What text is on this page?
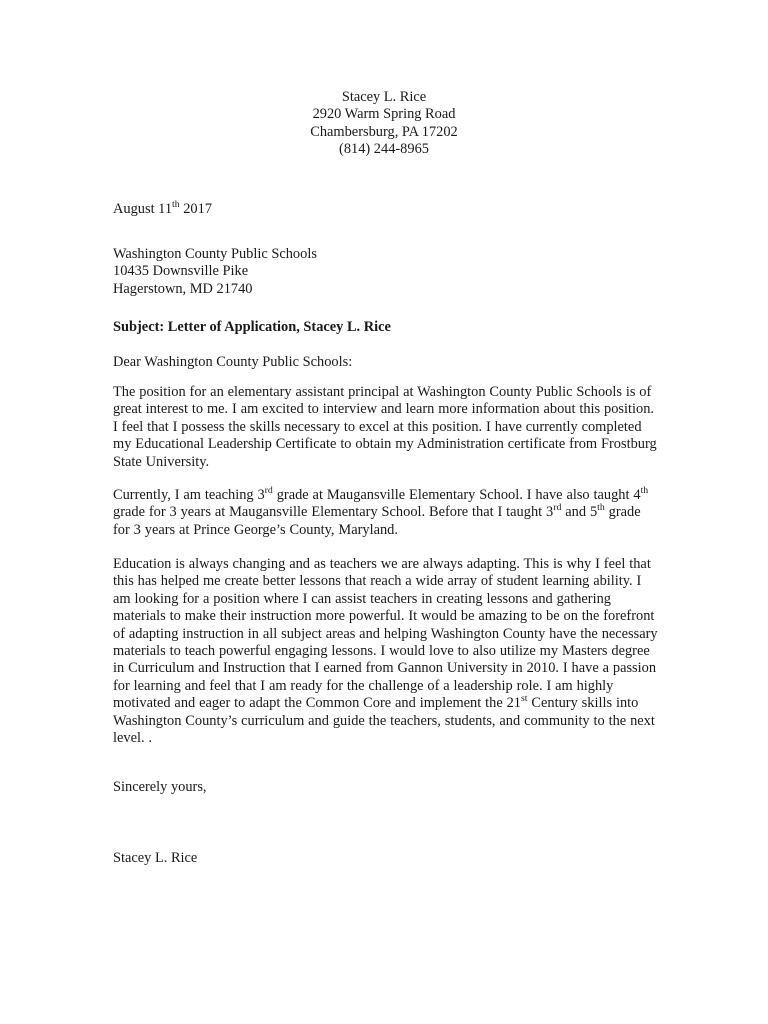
Stacey L. Rice
2920 Warm Spring Road
Chambersburg, PA 17202
(814) 244-8965
August 11th 2017
Washington County Public Schools
10435 Downsville Pike
Hagerstown, MD 21740
Subject: Letter of Application, Stacey L. Rice
Dear Washington County Public Schools:

The position for an elementary assistant principal at Washington County Public Schools is of great interest to me. I am excited to interview and learn more information about this position. I feel that I possess the skills necessary to excel at this position. I have currently completed my Educational Leadership Certificate to obtain my Administration certificate from Frostburg State University.

Currently, I am teaching 3rd grade at Maugansville Elementary School. I have also taught 4th grade for 3 years at Maugansville Elementary School. Before that I taught 3rd and 5th grade for 3 years at Prince George’s County, Maryland.

Education is always changing and as teachers we are always adapting. This is why I feel that this has helped me create better lessons that reach a wide array of student learning ability. I am looking for a position where I can assist teachers in creating lessons and gathering materials to make their instruction more powerful. It would be amazing to be on the forefront of adapting instruction in all subject areas and helping Washington County have the necessary materials to teach powerful engaging lessons. I would love to also utilize my Masters degree in Curriculum and Instruction that I earned from Gannon University in 2010. I have a passion for learning and feel that I am ready for the challenge of a leadership role. I am highly motivated and eager to adapt the Common Core and implement the 21st Century skills into Washington County’s curriculum and guide the teachers, students, and community to the next level. .

Sincerely yours,
Stacey L. Rice
